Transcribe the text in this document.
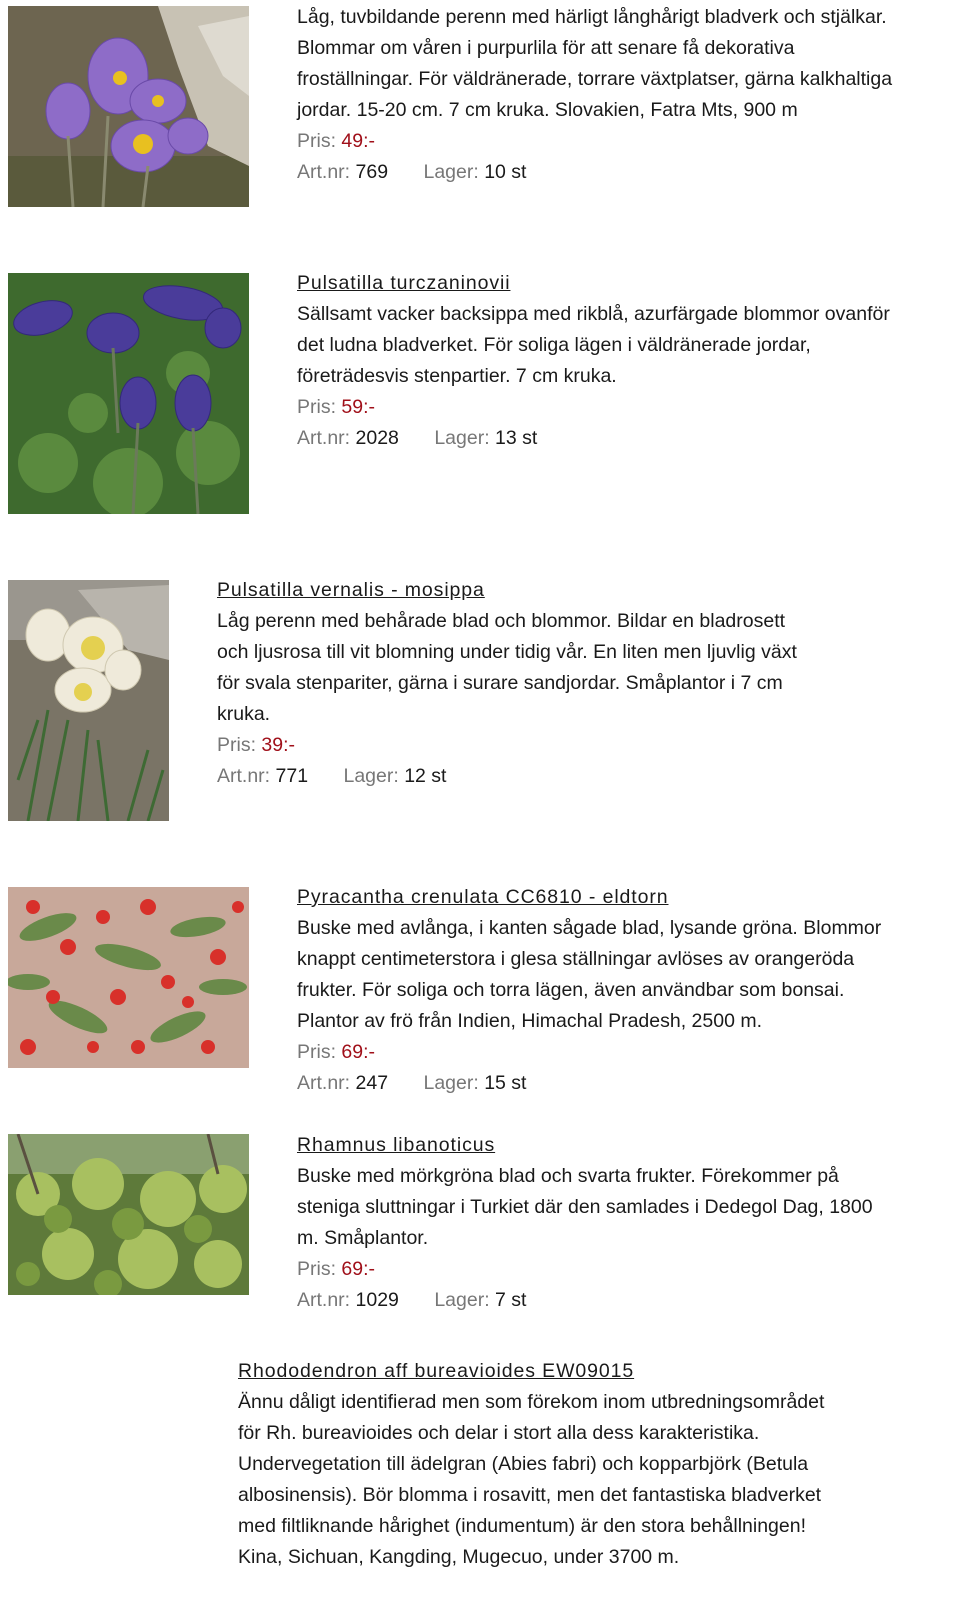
Låg, tuvbildande perenn med härligt långhårigt bladverk och stjälkar.
Blommar om våren i purpurlila för att senare få dekorativa
froställningar. För väldränerade, torrare växtplatser, gärna kalkhaltiga
jordar. 15-20 cm. 7 cm kruka. Slovakien, Fatra Mts, 900 m
Pris: 49:-
Art.nr: 769 Lager: 10 st
Pulsatilla turczaninovii
Sällsamt vacker backsippa med rikblå, azurfärgade blommor ovanför
det ludna bladverket. För soliga lägen i väldränerade jordar,
företrädesvis stenpartier. 7 cm kruka.
Pris: 59:-
Art.nr: 2028 Lager: 13 st
Pulsatilla vernalis - mosippa
Låg perenn med behårade blad och blommor. Bildar en bladrosett
och ljusrosa till vit blomning under tidig vår. En liten men ljuvlig växt
för svala stenpariter, gärna i surare sandjordar. Småplantor i 7 cm
kruka.
Pris: 39:-
Art.nr: 771 Lager: 12 st
Pyracantha crenulata CC6810 - eldtorn
Buske med avlånga, i kanten sågade blad, lysande gröna. Blommor
knappt centimeterstora i glesa ställningar avlöses av orangeröda
frukter. För soliga och torra lägen, även användbar som bonsai.
Plantor av frö från Indien, Himachal Pradesh, 2500 m.
Pris: 69:-
Art.nr: 247 Lager: 15 st
Rhamnus libanoticus
Buske med mörkgröna blad och svarta frukter. Förekommer på
steniga sluttningar i Turkiet där den samlades i Dedegol Dag, 1800
m. Småplantor.
Pris: 69:-
Art.nr: 1029 Lager: 7 st
Rhododendron aff bureavioides EW09015
Ännu dåligt identifierad men som förekom inom utbredningsområdet
för Rh. bureavioides och delar i stort alla dess karakteristika.
Undervegetation till ädelgran (Abies fabri) och kopparbjörk (Betula
albosinensis). Bör blomma i rosavitt, men det fantastiska bladverket
med filtliknande hårighet (indumentum) är den stora behållningen!
Kina, Sichuan, Kangding, Mugecuo, under 3700 m.
